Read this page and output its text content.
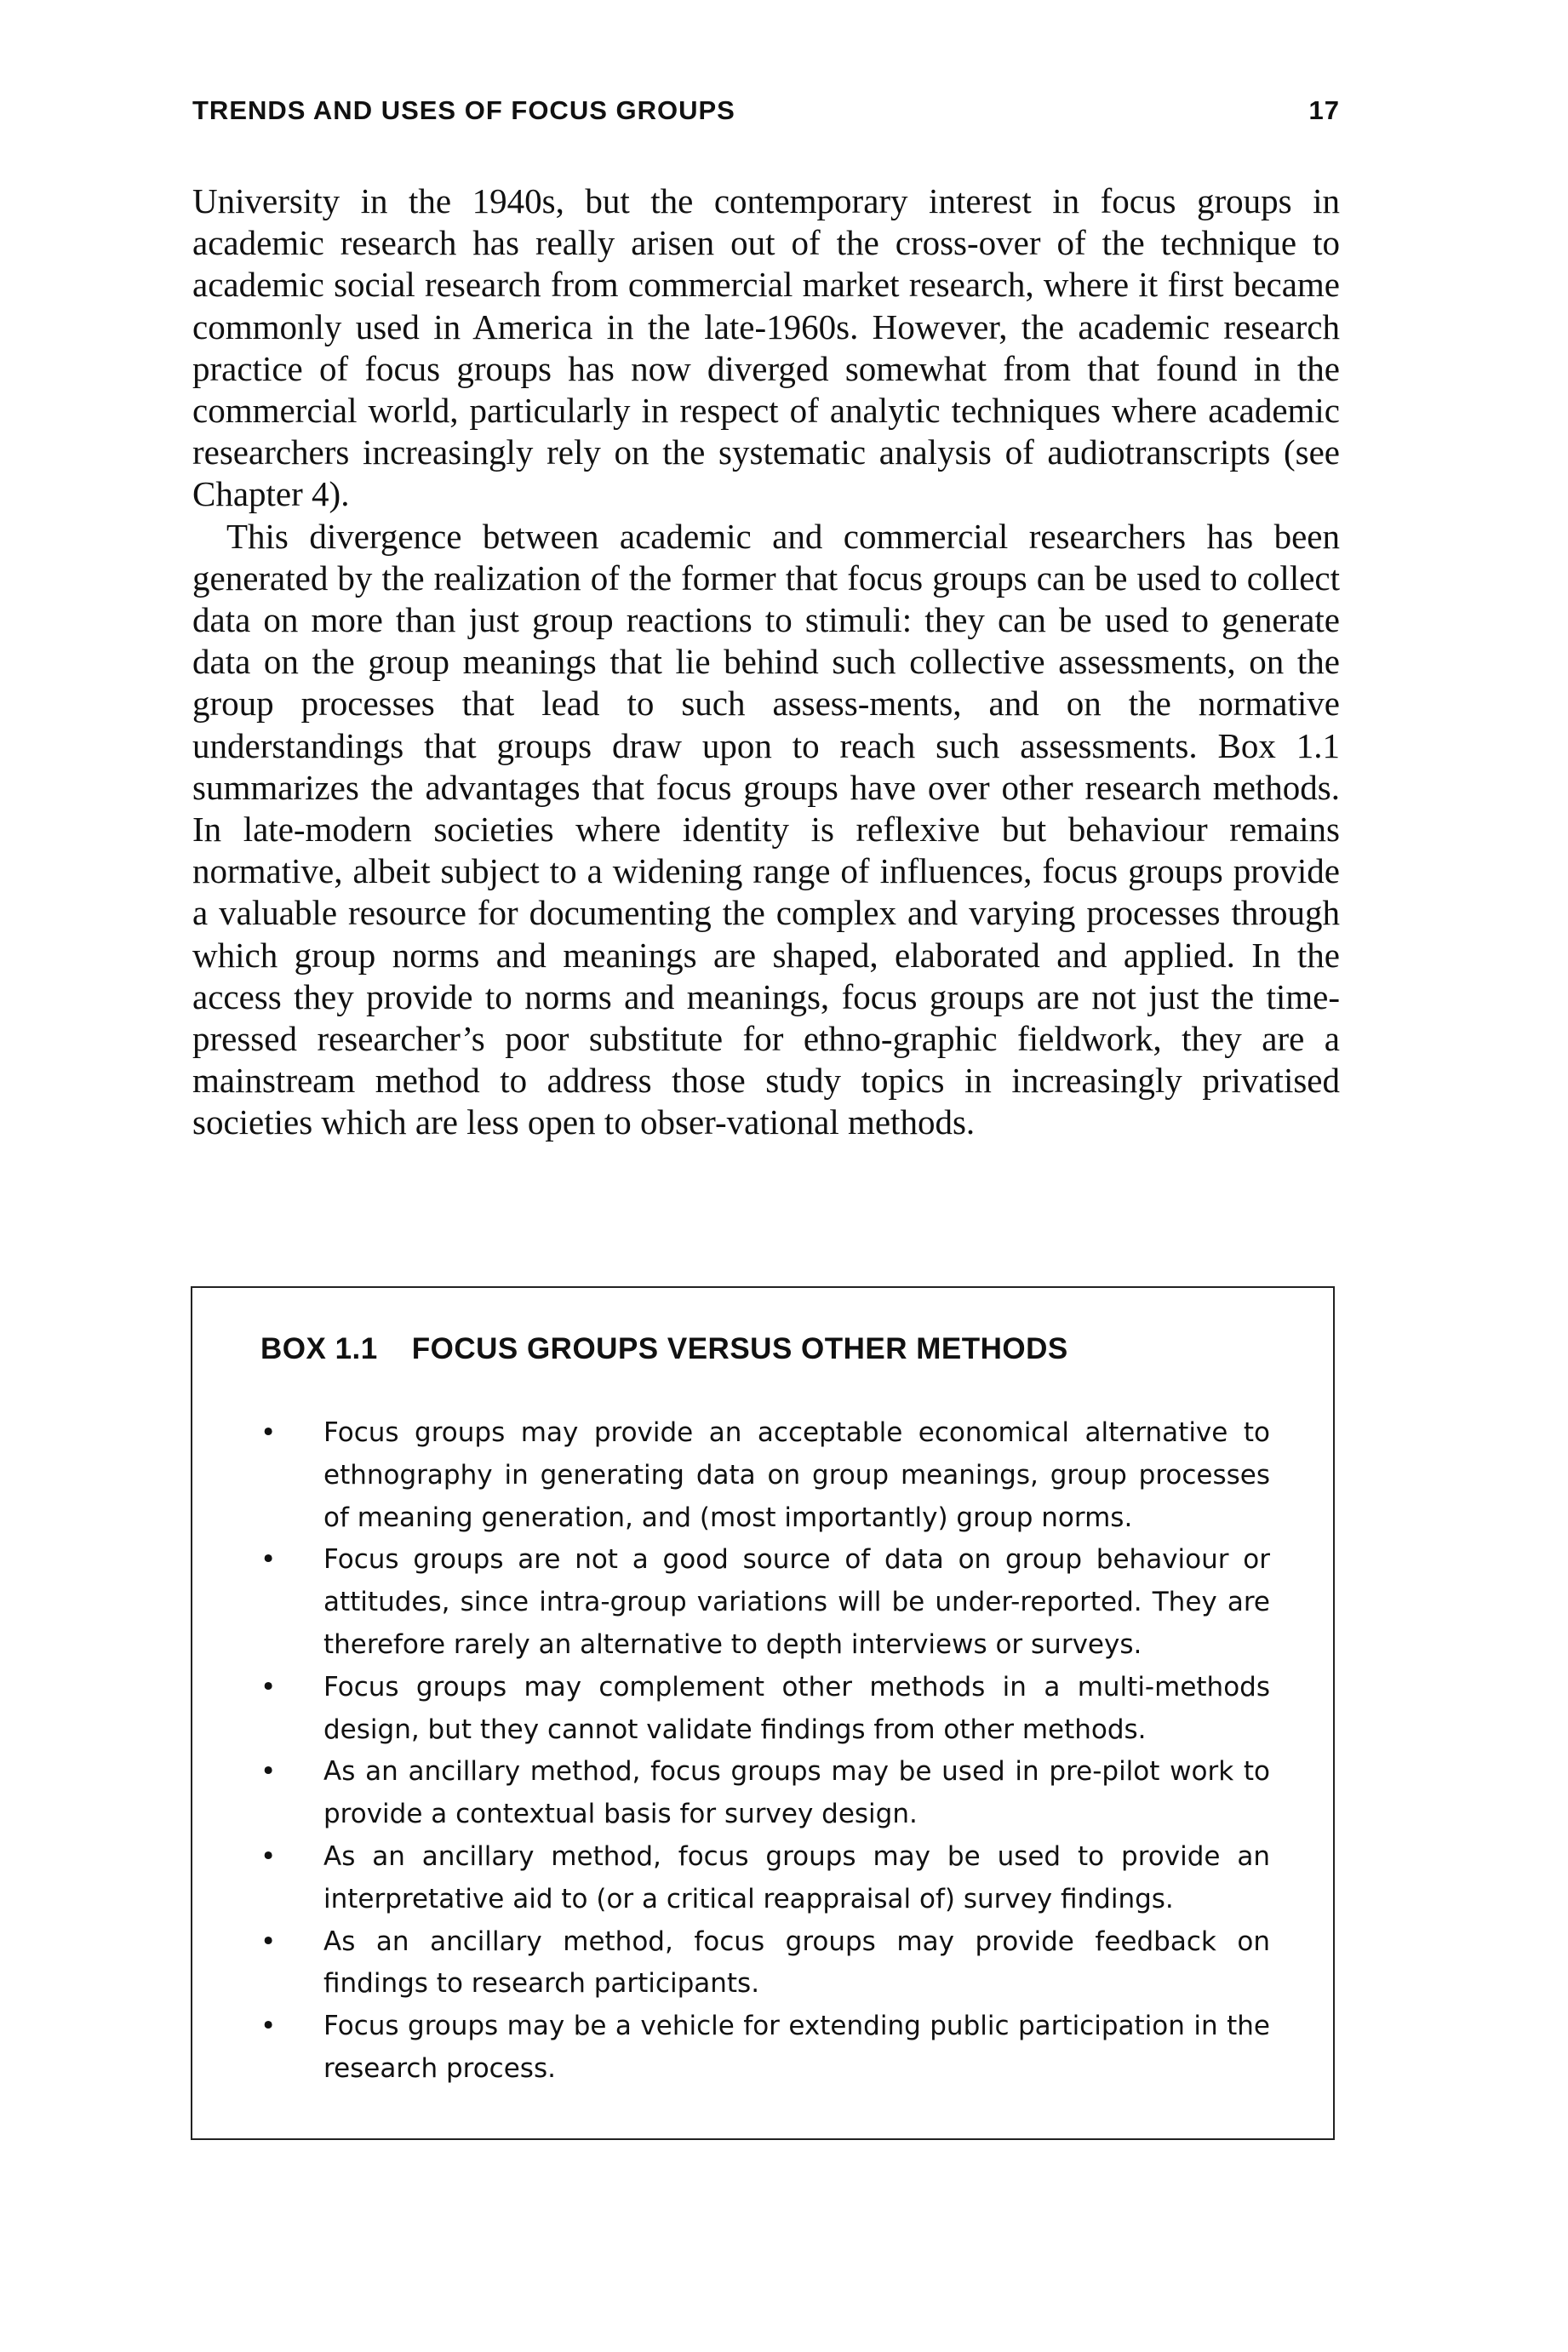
TRENDS AND USES OF FOCUS GROUPS	17

University in the 1940s, but the contemporary interest in focus groups in academic research has really arisen out of the cross-over of the technique to academic social research from commercial market research, where it first became commonly used in America in the late-1960s. However, the academic research practice of focus groups has now diverged somewhat from that found in the commercial world, particularly in respect of analytic techniques where academic researchers increasingly rely on the systematic analysis of audiotranscripts (see Chapter 4).

This divergence between academic and commercial researchers has been generated by the realization of the former that focus groups can be used to collect data on more than just group reactions to stimuli: they can be used to generate data on the group meanings that lie behind such collective assessments, on the group processes that lead to such assess-ments, and on the normative understandings that groups draw upon to reach such assessments. Box 1.1 summarizes the advantages that focus groups have over other research methods. In late-modern societies where identity is reflexive but behaviour remains normative, albeit subject to a widening range of influences, focus groups provide a valuable resource for documenting the complex and varying processes through which group norms and meanings are shaped, elaborated and applied. In the access they provide to norms and meanings, focus groups are not just the time-pressed researcher’s poor substitute for ethno-graphic fieldwork, they are a mainstream method to address those study topics in increasingly privatised societies which are less open to obser-vational methods.

BOX 1.1 FOCUS GROUPS VERSUS OTHER METHODS
• Focus groups may provide an acceptable economical alternative to ethnography in generating data on group meanings, group processes of meaning generation, and (most importantly) group norms.
• Focus groups are not a good source of data on group behaviour or attitudes, since intra-group variations will be under-reported. They are therefore rarely an alternative to depth interviews or surveys.
• Focus groups may complement other methods in a multi-methods design, but they cannot validate findings from other methods.
• As an ancillary method, focus groups may be used in pre-pilot work to provide a contextual basis for survey design.
• As an ancillary method, focus groups may be used to provide an interpretative aid to (or a critical reappraisal of) survey findings.
• As an ancillary method, focus groups may provide feedback on findings to research participants.
• Focus groups may be a vehicle for extending public participation in the research process.
